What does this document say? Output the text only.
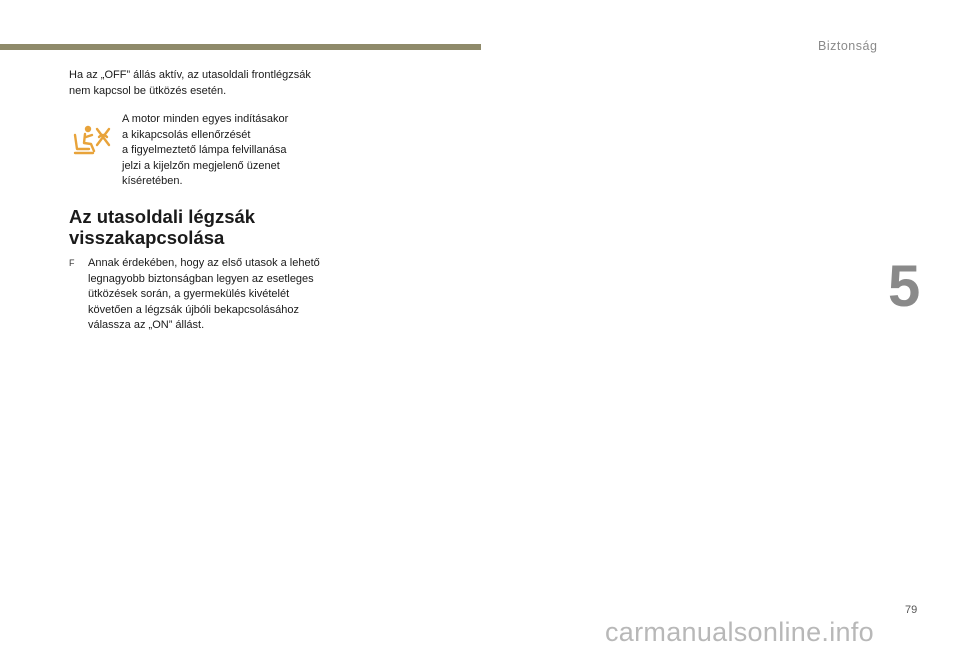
Biztonság
5

Ha az „OFF” állás aktív, az utasoldali frontlégzsák
nem kapcsol be ütközés esetén.

A motor minden egyes indításakor
a kikapcsolás ellenőrzését
a figyelmeztető lámpa felvillanása
jelzi a kijelzőn megjelenő üzenet
kíséretében.

Az utasoldali légzsák
visszakapcsolása
F Annak érdekében, hogy az első utasok a lehető
legnagyobb biztonságban legyen az esetleges
ütközések során, a gyermekülés kivételét
követően a légzsák újbóli bekapcsolásához
válassza az „ON” állást.
79
carmanualsonline.info
